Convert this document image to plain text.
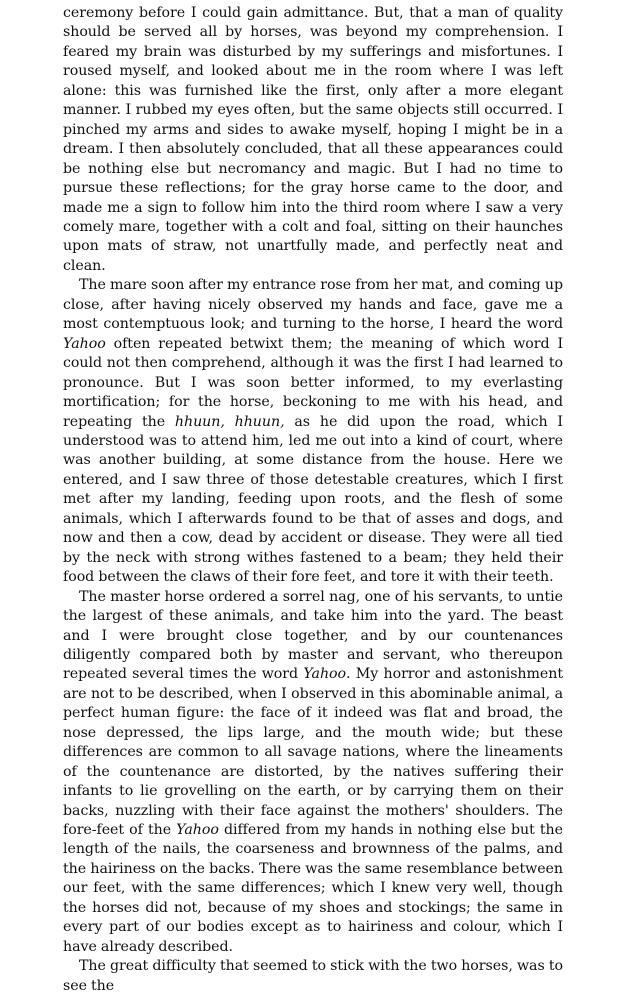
ceremony before I could gain admittance. But, that a man of quality should be served all by horses, was beyond my comprehension. I feared my brain was disturbed by my sufferings and misfortunes. I roused myself, and looked about me in the room where I was left alone: this was furnished like the first, only after a more elegant manner. I rubbed my eyes often, but the same objects still occurred. I pinched my arms and sides to awake myself, hoping I might be in a dream. I then absolutely concluded, that all these appearances could be nothing else but necromancy and magic. But I had no time to pursue these reflections; for the gray horse came to the door, and made me a sign to follow him into the third room where I saw a very comely mare, together with a colt and foal, sitting on their haunches upon mats of straw, not unartfully made, and perfectly neat and clean.

The mare soon after my entrance rose from her mat, and coming up close, after having nicely observed my hands and face, gave me a most contemptuous look; and turning to the horse, I heard the word Yahoo often repeated betwixt them; the meaning of which word I could not then comprehend, although it was the first I had learned to pronounce. But I was soon better informed, to my everlasting mortification; for the horse, beckoning to me with his head, and repeating the hhuun, hhuun, as he did upon the road, which I understood was to attend him, led me out into a kind of court, where was another building, at some distance from the house. Here we entered, and I saw three of those detestable creatures, which I first met after my landing, feeding upon roots, and the flesh of some animals, which I afterwards found to be that of asses and dogs, and now and then a cow, dead by accident or disease. They were all tied by the neck with strong withes fastened to a beam; they held their food between the claws of their fore feet, and tore it with their teeth.

The master horse ordered a sorrel nag, one of his servants, to untie the largest of these animals, and take him into the yard. The beast and I were brought close together, and by our countenances diligently compared both by master and servant, who thereupon repeated several times the word Yahoo. My horror and astonishment are not to be described, when I observed in this abominable animal, a perfect human figure: the face of it indeed was flat and broad, the nose depressed, the lips large, and the mouth wide; but these differences are common to all savage nations, where the lineaments of the countenance are distorted, by the natives suffering their infants to lie grovelling on the earth, or by carrying them on their backs, nuzzling with their face against the mothers' shoulders. The fore-feet of the Yahoo differed from my hands in nothing else but the length of the nails, the coarseness and brownness of the palms, and the hairiness on the backs. There was the same resemblance between our feet, with the same differences; which I knew very well, though the horses did not, because of my shoes and stockings; the same in every part of our bodies except as to hairiness and colour, which I have already described.

The great difficulty that seemed to stick with the two horses, was to see the
